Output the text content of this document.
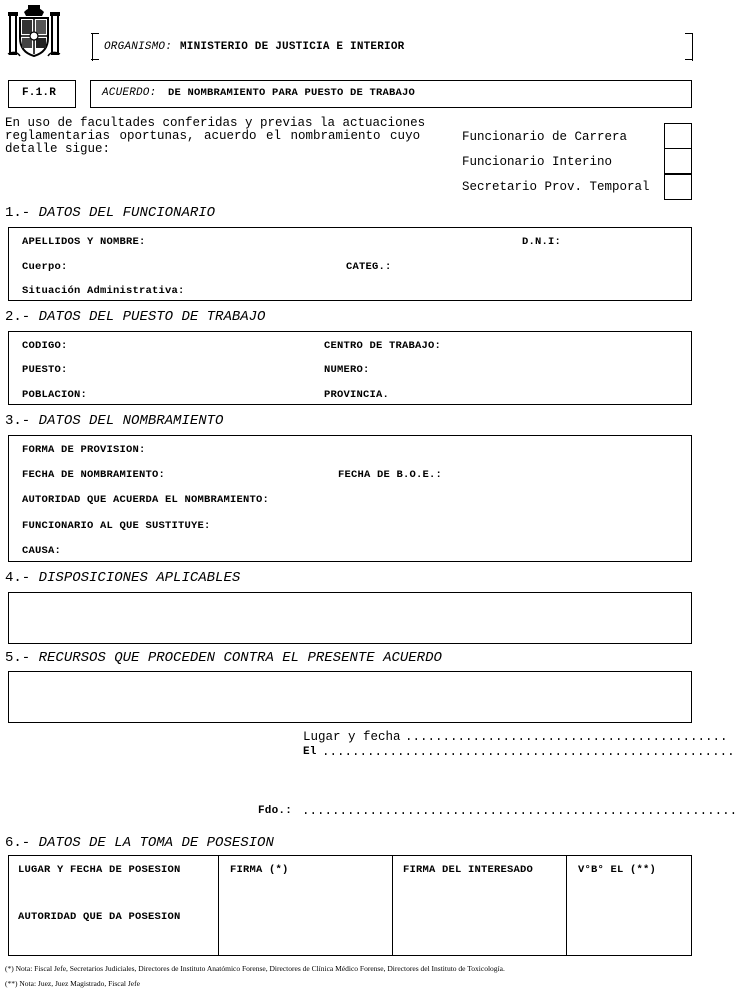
ORGANISMO: MINISTERIO DE JUSTICIA E INTERIOR
F.1.R	ACUERDO: DE NOMBRAMIENTO PARA PUESTO DE TRABAJO
En uso de facultades conferidas y previas la actuaciones
reglamentarias oportunas, acuerdo el nombramiento cuyo
detalle sigue:
Funcionario de Carrera
Funcionario Interino
Secretario Prov. Temporal
1.- DATOS DEL FUNCIONARIO
APELLIDOS Y NOMBRE:	D.N.I:
Cuerpo:	CATEG.:
Situación Administrativa:
2.- DATOS DEL PUESTO DE TRABAJO
CODIGO:	CENTRO DE TRABAJO:
PUESTO:	NUMERO:
POBLACION:	PROVINCIA.
3.- DATOS DEL NOMBRAMIENTO
FORMA DE PROVISION:
FECHA DE NOMBRAMIENTO:	FECHA DE B.O.E.:
AUTORIDAD QUE ACUERDA EL NOMBRAMIENTO:
FUNCIONARIO AL QUE SUSTITUYE:
CAUSA:
4.- DISPOSICIONES APLICABLES
5.- RECURSOS QUE PROCEDEN CONTRA EL PRESENTE ACUERDO
Lugar y fecha ...........................................
El .......................................................
Fdo.: ..........................................................
6.- DATOS DE LA TOMA DE POSESION
LUGAR Y FECHA DE POSESION
AUTORIDAD QUE DA POSESION
FIRMA (*)	FIRMA DEL INTERESADO	V°B° EL (**)
(*) Nota: Fiscal Jefe, Secretarios Judiciales, Directores de Instituto Anatómico Forense, Directores de Clínica Médico Forense, Directores del Instituto de Toxicología.
(**) Nota: Juez, Juez Magistrado, Fiscal Jefe
